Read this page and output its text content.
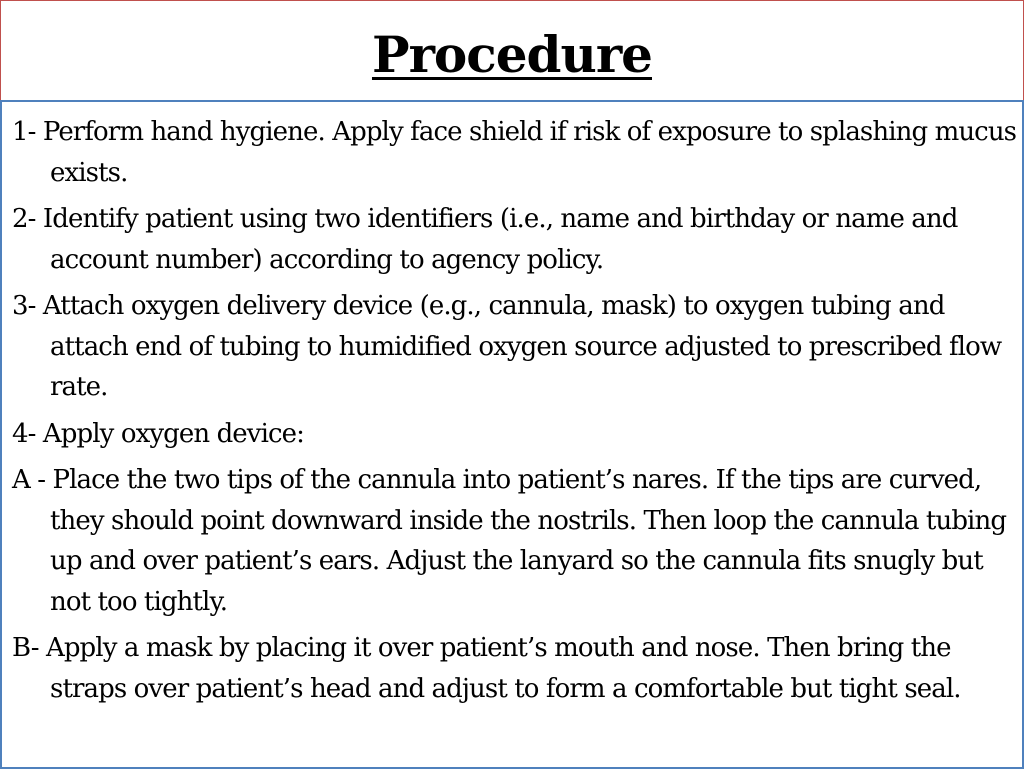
Procedure
1- Perform hand hygiene. Apply face shield if risk of exposure to splashing mucus exists.
2- Identify patient using two identifiers (i.e., name and birthday or name and account number) according to agency policy.
3- Attach oxygen delivery device (e.g., cannula, mask) to oxygen tubing and attach end of tubing to humidified oxygen source adjusted to prescribed flow rate.
4- Apply oxygen device:
A - Place the two tips of the cannula into patient’s nares. If the tips are curved, they should point downward inside the nostrils. Then loop the cannula tubing up and over patient’s ears. Adjust the lanyard so the cannula fits snugly but not too tightly.
B- Apply a mask by placing it over patient’s mouth and nose. Then bring the straps over patient’s head and adjust to form a comfortable but tight seal.
